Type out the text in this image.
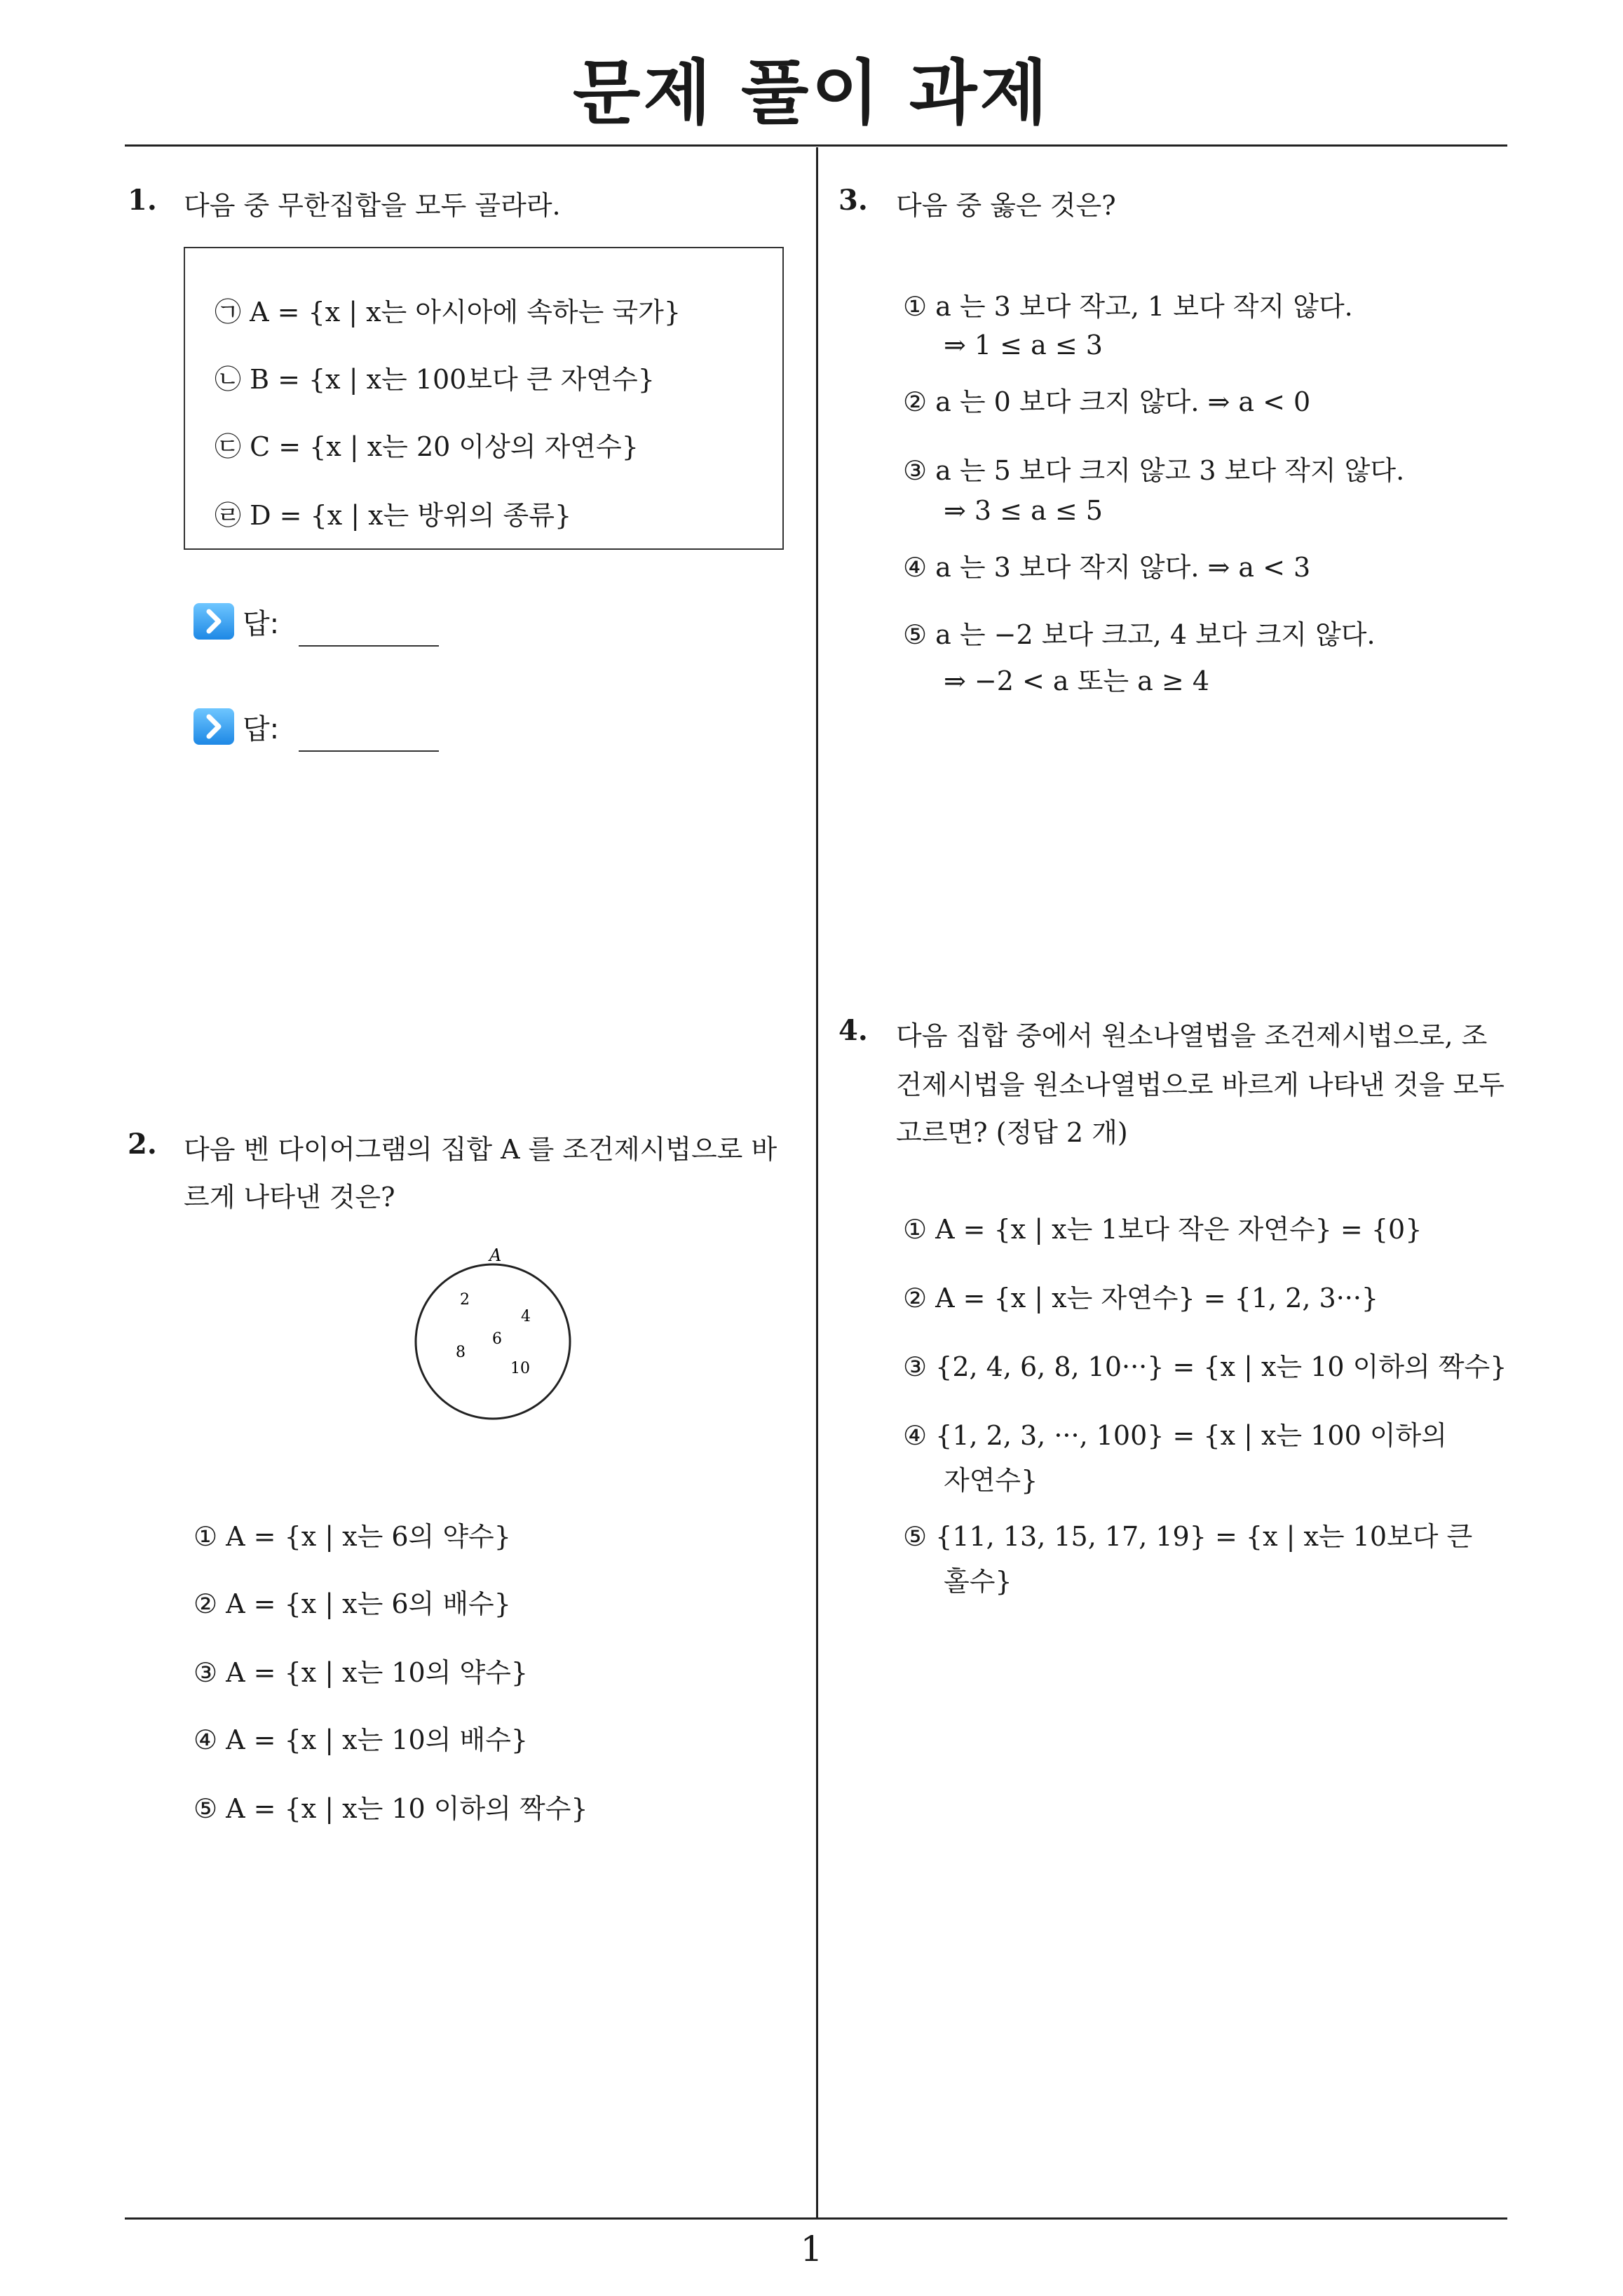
문제 풀이 과제
1
1. 다음 중 무한집합을 모두 골라라.
㉠ A = {x | x는 아시아에 속하는 국가}
㉡ B = {x | x는 100보다 큰 자연수}
㉢ C = {x | x는 20 이상의 자연수}
㉣ D = {x | x는 방위의 종류}
답:
답:
2. 다음 벤 다이어그램의 집합 A 를 조건제시법으로 바
르게 나타낸 것은?
A
2
4
6
8
10
① A = {x | x는 6의 약수}
② A = {x | x는 6의 배수}
③ A = {x | x는 10의 약수}
④ A = {x | x는 10의 배수}
⑤ A = {x | x는 10 이하의 짝수}
3. 다음 중 옳은 것은?
① a 는 3 보다 작고, 1 보다 작지 않다.
⇒ 1 ≤ a ≤ 3
② a 는 0 보다 크지 않다. ⇒ a < 0
③ a 는 5 보다 크지 않고 3 보다 작지 않다.
⇒ 3 ≤ a ≤ 5
④ a 는 3 보다 작지 않다. ⇒ a < 3
⑤ a 는 −2 보다 크고, 4 보다 크지 않다.
⇒ −2 < a 또는 a ≥ 4
4. 다음 집합 중에서 원소나열법을 조건제시법으로, 조
건제시법을 원소나열법으로 바르게 나타낸 것을 모두
고르면? (정답 2 개)
① A = {x | x는 1보다 작은 자연수} = {0}
② A = {x | x는 자연수} = {1, 2, 3···}
③ {2, 4, 6, 8, 10···} = {x | x는 10 이하의 짝수}
④ {1, 2, 3, ···, 100} = {x | x는 100 이하의
자연수}
⑤ {11, 13, 15, 17, 19} = {x | x는 10보다 큰
홀수}
